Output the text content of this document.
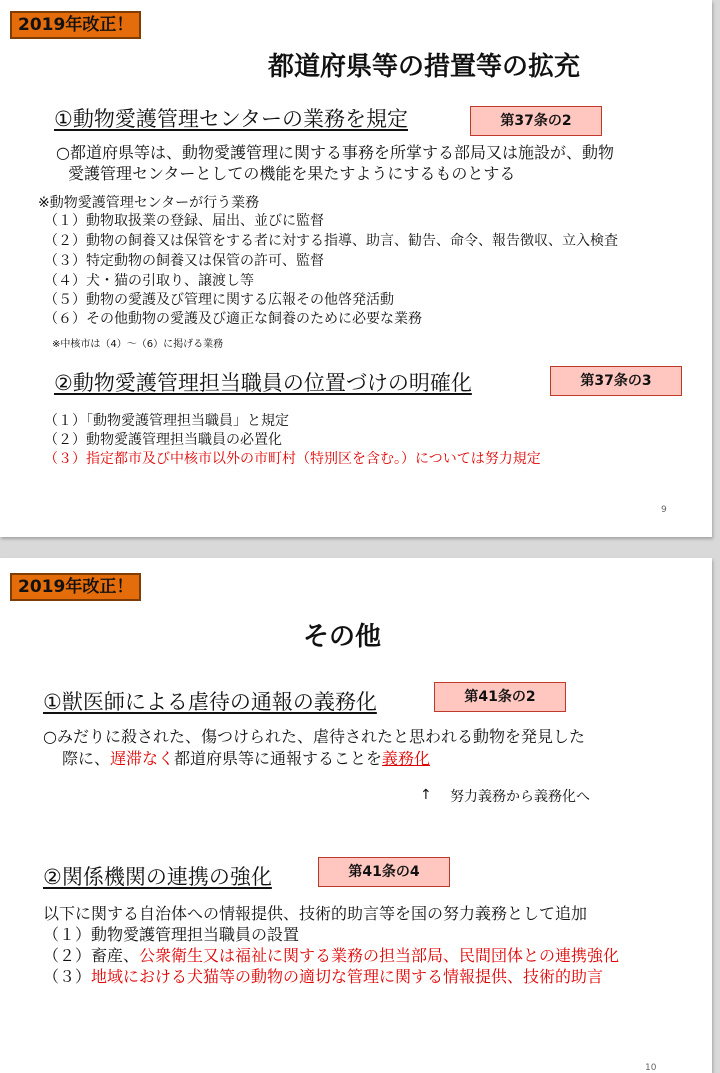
2019年改正！
都道府県等の措置等の拡充
①動物愛護管理センターの業務を規定	第37条の2
○都道府県等は、動物愛護管理に関する事務を所掌する部局又は施設が、動物
愛護管理センターとしての機能を果たすようにするものとする
※動物愛護管理センターが行う業務
（１）動物取扱業の登録、届出、並びに監督
（２）動物の飼養又は保管をする者に対する指導、助言、勧告、命令、報告徴収、立入検査
（３）特定動物の飼養又は保管の許可、監督
（４）犬・猫の引取り、譲渡し等
（５）動物の愛護及び管理に関する広報その他啓発活動
（６）その他動物の愛護及び適正な飼養のために必要な業務
※中核市は（4）～（6）に掲げる業務
②動物愛護管理担当職員の位置づけの明確化	第37条の3
（１）「動物愛護管理担当職員」と規定
（２）動物愛護管理担当職員の必置化
（３）指定都市及び中核市以外の市町村（特別区を含む。）については努力規定
9
2019年改正！
その他
①獣医師による虐待の通報の義務化	第41条の2
○みだりに殺された、傷つけられた、虐待されたと思われる動物を発見した
際に、遅滞なく都道府県等に通報することを義務化
↑ 努力義務から義務化へ
②関係機関の連携の強化	第41条の4
以下に関する自治体への情報提供、技術的助言等を国の努力義務として追加
（１）動物愛護管理担当職員の設置
（２）畜産、公衆衛生又は福祉に関する業務の担当部局、民間団体との連携強化
（３）地域における犬猫等の動物の適切な管理に関する情報提供、技術的助言
10
